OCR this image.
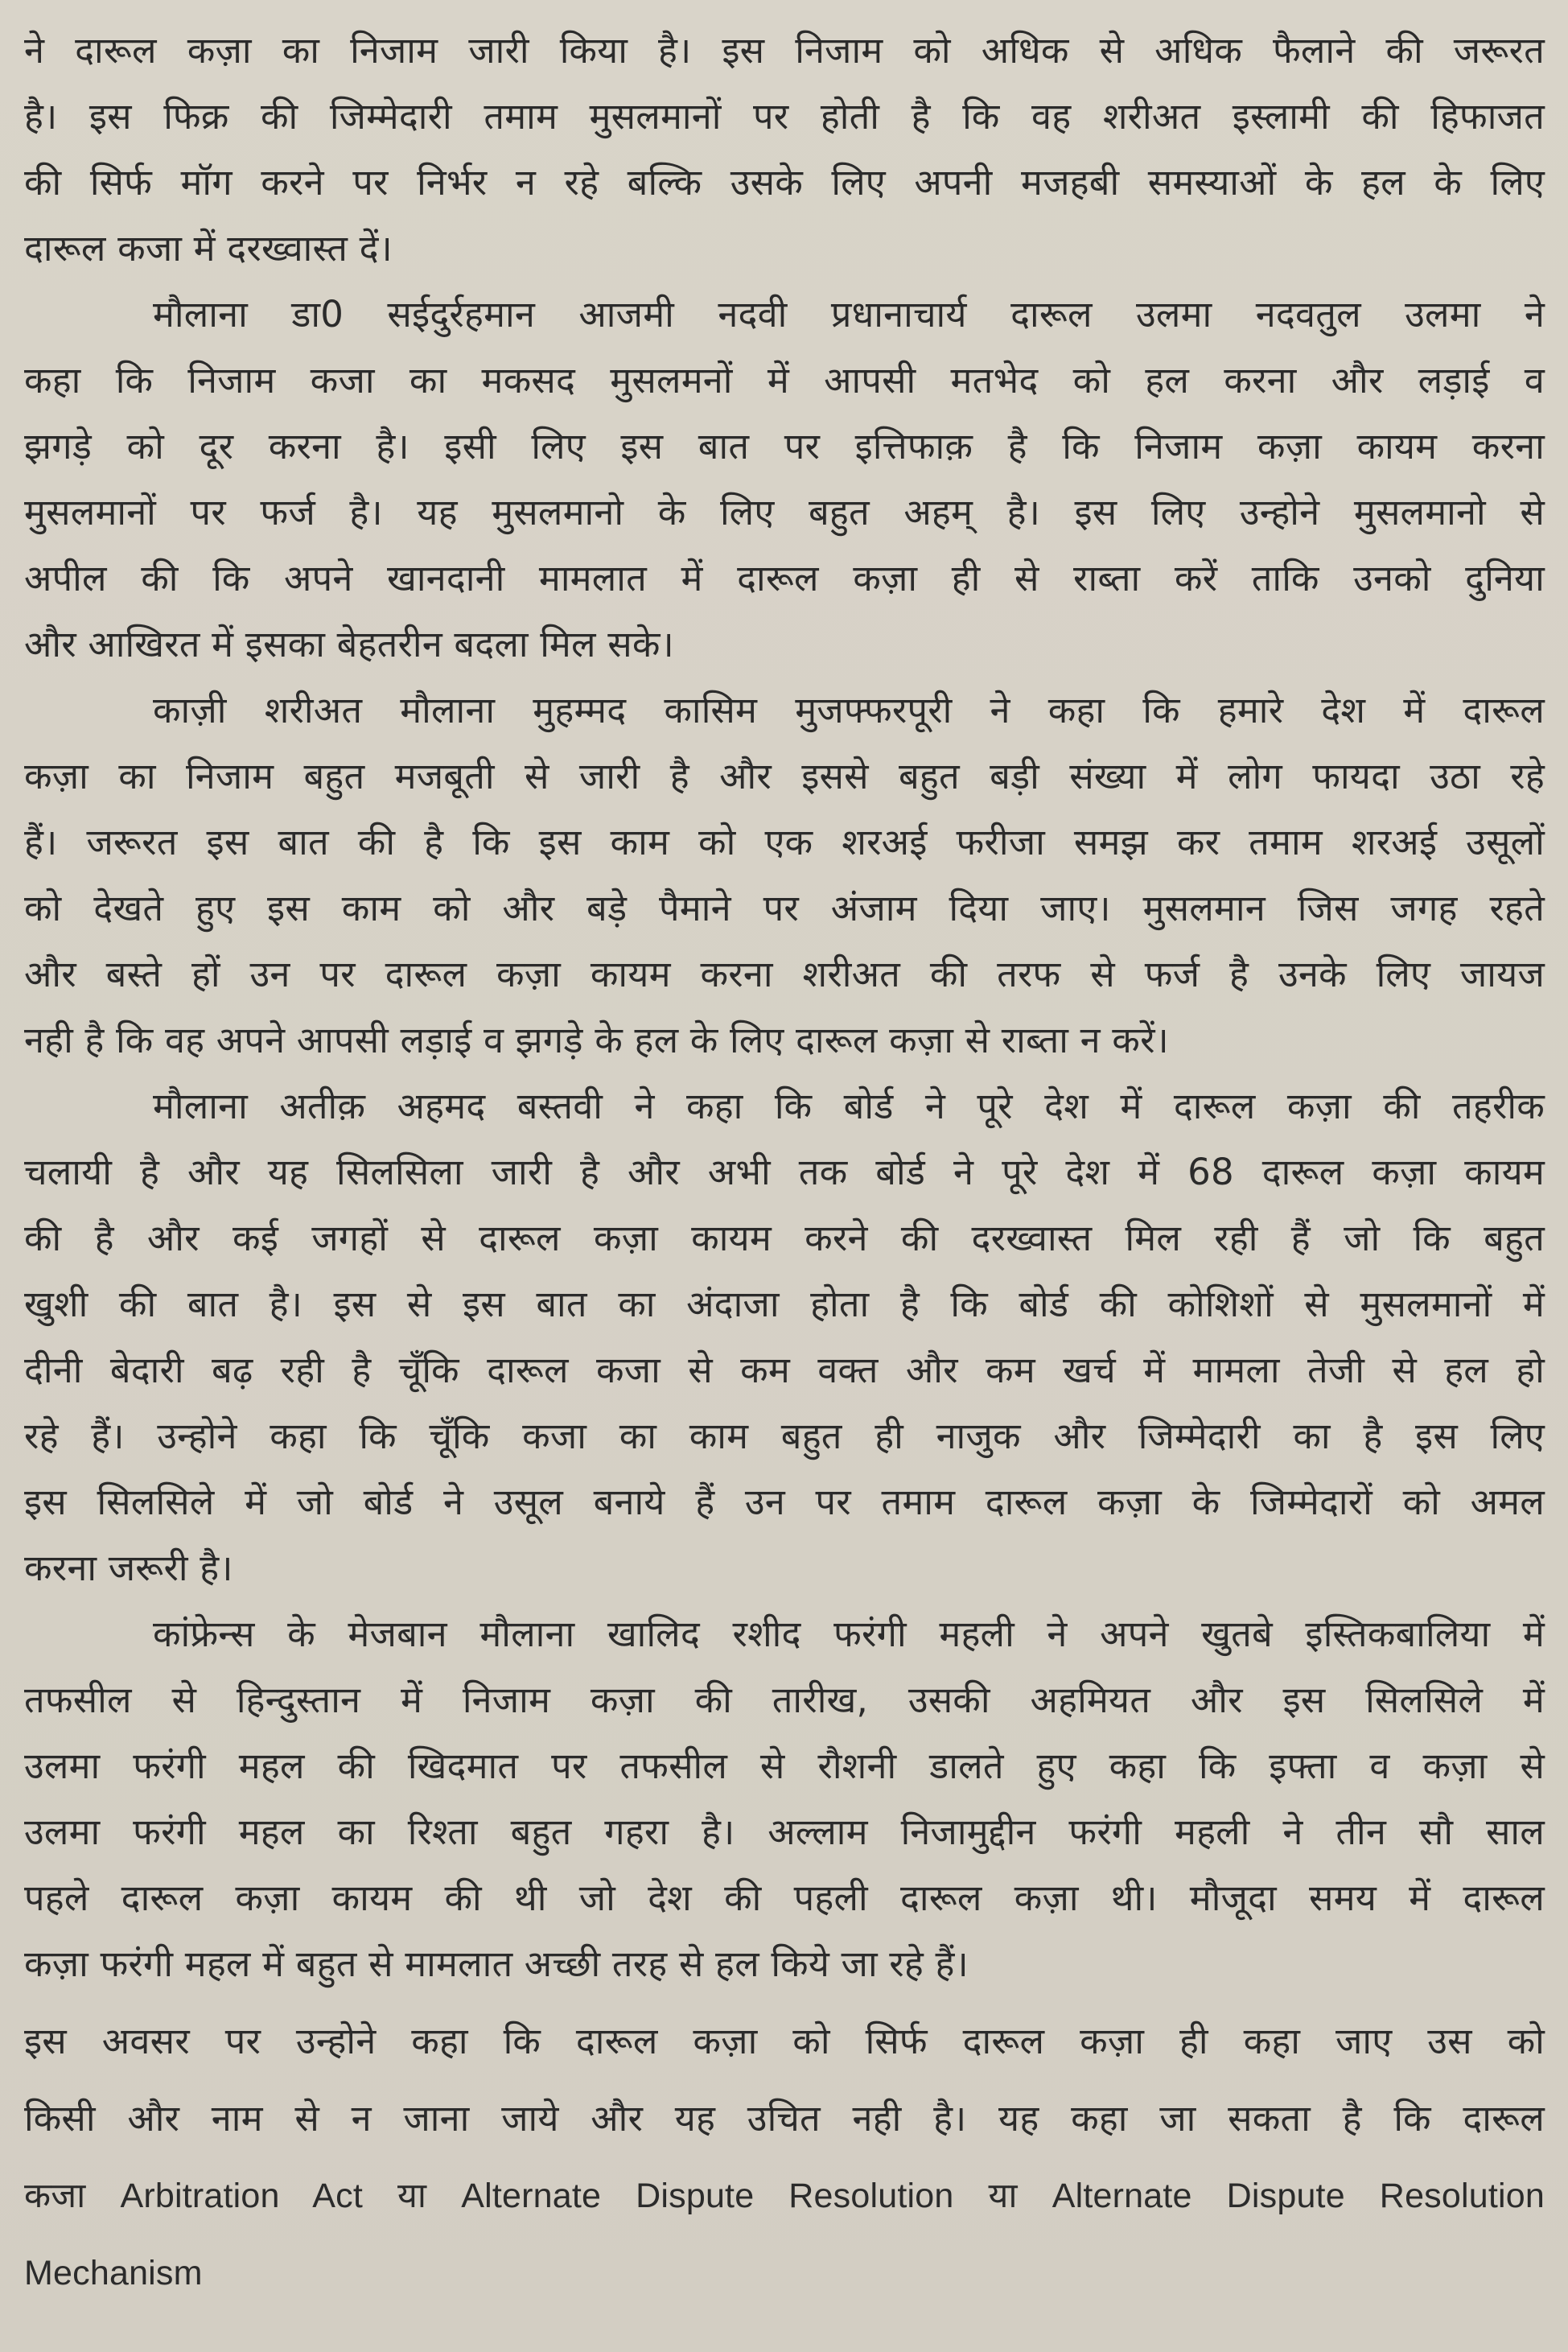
ने दारूल कज़ा का निजाम जारी किया है। इस निजाम को अधिक से अधिक फैलाने की जरूरत
है। इस फिक्र की जिम्मेदारी तमाम मुसलमानों पर होती है कि वह शरीअत इस्लामी की हिफाजत
की सिर्फ मॉग करने पर निर्भर न रहे बल्कि उसके लिए अपनी मजहबी समस्याओं के हल के लिए
दारूल कजा में दरख्वास्त दें।
मौलाना डा0 सईदुर्रहमान आजमी नदवी प्रधानाचार्य दारूल उलमा नदवतुल उलमा ने
कहा कि निजाम कजा का मकसद मुसलमनों में आपसी मतभेद को हल करना और लड़ाई व
झगड़े को दूर करना है। इसी लिए इस बात पर इत्तिफाक़ है कि निजाम कज़ा कायम करना
मुसलमानों पर फर्ज है। यह मुसलमानो के लिए बहुत अहम् है। इस लिए उन्होने मुसलमानो से
अपील की कि अपने खानदानी मामलात में दारूल कज़ा ही से राब्ता करें ताकि उनको दुनिया
और आखिरत में इसका बेहतरीन बदला मिल सके।
काज़ी शरीअत मौलाना मुहम्मद कासिम मुजफ्फरपूरी ने कहा कि हमारे देश में दारूल
कज़ा का निजाम बहुत मजबूती से जारी है और इससे बहुत बड़ी संख्या में लोग फायदा उठा रहे
हैं। जरूरत इस बात की है कि इस काम को एक शरअई फरीजा समझ कर तमाम शरअई उसूलों
को देखते हुए इस काम को और बड़े पैमाने पर अंजाम दिया जाए। मुसलमान जिस जगह रहते
और बस्ते हों उन पर दारूल कज़ा कायम करना शरीअत की तरफ से फर्ज है उनके लिए जायज
नही है कि वह अपने आपसी लड़ाई व झगड़े के हल के लिए दारूल कज़ा से राब्ता न करें।
मौलाना अतीक़ अहमद बस्तवी ने कहा कि बोर्ड ने पूरे देश में दारूल कज़ा की तहरीक
चलायी है और यह सिलसिला जारी है और अभी तक बोर्ड ने पूरे देश में 68 दारूल कज़ा कायम
की है और कई जगहों से दारूल कज़ा कायम करने की दरख्वास्त मिल रही हैं जो कि बहुत
खुशी की बात है। इस से इस बात का अंदाजा होता है कि बोर्ड की कोशिशों से मुसलमानों में
दीनी बेदारी बढ़ रही है चूँकि दारूल कजा से कम वक्त और कम खर्च में मामला तेजी से हल हो
रहे हैं। उन्होने कहा कि चूँकि कजा का काम बहुत ही नाजुक और जिम्मेदारी का है इस लिए
इस सिलसिले में जो बोर्ड ने उसूल बनाये हैं उन पर तमाम दारूल कज़ा के जिम्मेदारों को अमल
करना जरूरी है।
कांफ्रेन्स के मेजबान मौलाना खालिद रशीद फरंगी महली ने अपने खुतबे इस्तिकबालिया में
तफसील से हिन्दुस्तान में निजाम कज़ा की तारीख, उसकी अहमियत और इस सिलसिले में
उलमा फरंगी महल की खिदमात पर तफसील से रौशनी डालते हुए कहा कि इफ्ता व कज़ा से
उलमा फरंगी महल का रिश्ता बहुत गहरा है। अल्लाम निजामुद्दीन फरंगी महली ने तीन सौ साल
पहले दारूल कज़ा कायम की थी जो देश की पहली दारूल कज़ा थी। मौजूदा समय में दारूल
कज़ा फरंगी महल में बहुत से मामलात अच्छी तरह से हल किये जा रहे हैं।
इस अवसर पर उन्होने कहा कि दारूल कज़ा को सिर्फ दारूल कज़ा ही कहा जाए उस को
किसी और नाम से न जाना जाये और यह उचित नही है। यह कहा जा सकता है कि दारूल
कजा Arbitration Act या Alternate Dispute Resolution या Alternate Dispute Resolution
Mechanism
